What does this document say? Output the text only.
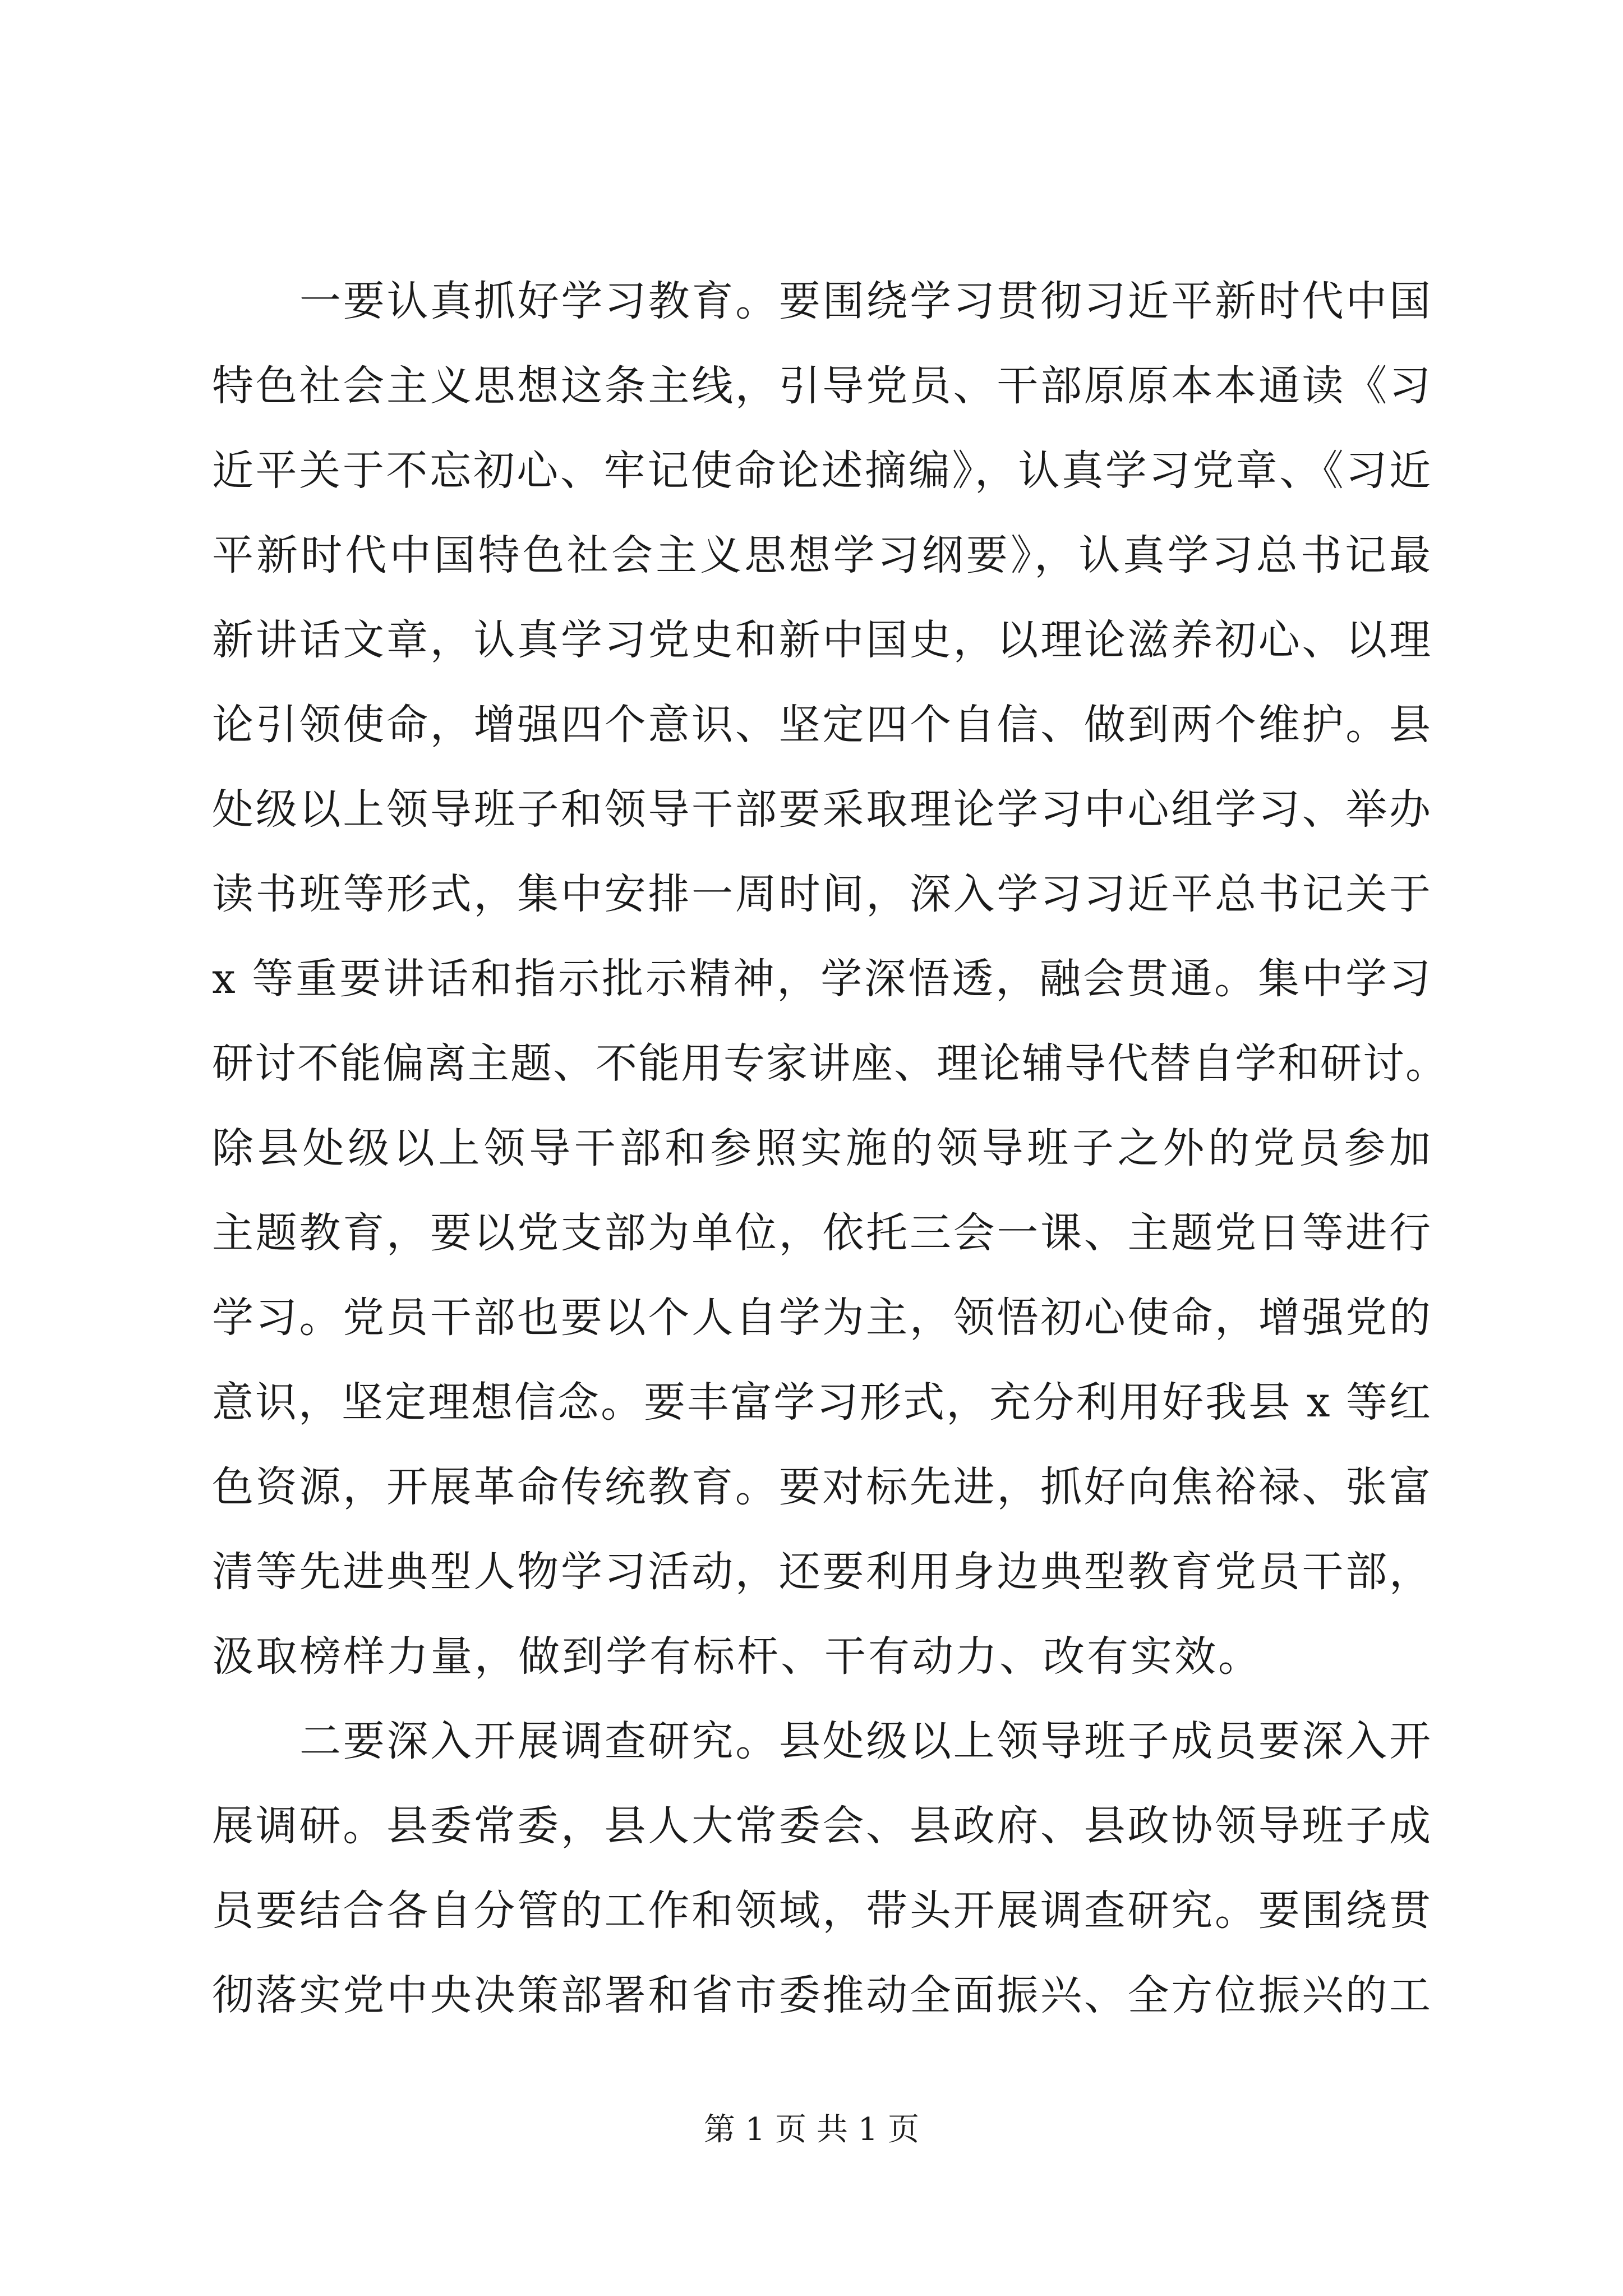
一要认真抓好学习教育。要围绕学习贯彻习近平新时代中国
特色社会主义思想这条主线，引导党员、干部原原本本通读《习
近平关于不忘初心、牢记使命论述摘编》，认真学习党章、《习近
平新时代中国特色社会主义思想学习纲要》，认真学习总书记最
新讲话文章，认真学习党史和新中国史，以理论滋养初心、以理
论引领使命，增强四个意识、坚定四个自信、做到两个维护。县
处级以上领导班子和领导干部要采取理论学习中心组学习、举办
读书班等形式，集中安排一周时间，深入学习习近平总书记关于
x 等重要讲话和指示批示精神，学深悟透，融会贯通。集中学习
研讨不能偏离主题、不能用专家讲座、理论辅导代替自学和研讨。
除县处级以上领导干部和参照实施的领导班子之外的党员参加
主题教育，要以党支部为单位，依托三会一课、主题党日等进行
学习。党员干部也要以个人自学为主，领悟初心使命，增强党的
意识，坚定理想信念。要丰富学习形式，充分利用好我县 x 等红
色资源，开展革命传统教育。要对标先进，抓好向焦裕禄、张富
清等先进典型人物学习活动，还要利用身边典型教育党员干部，
汲取榜样力量，做到学有标杆、干有动力、改有实效。
二要深入开展调查研究。县处级以上领导班子成员要深入开
展调研。县委常委，县人大常委会、县政府、县政协领导班子成
员要结合各自分管的工作和领域，带头开展调查研究。要围绕贯
彻落实党中央决策部署和省市委推动全面振兴、全方位振兴的工
第 1 页 共 1 页
